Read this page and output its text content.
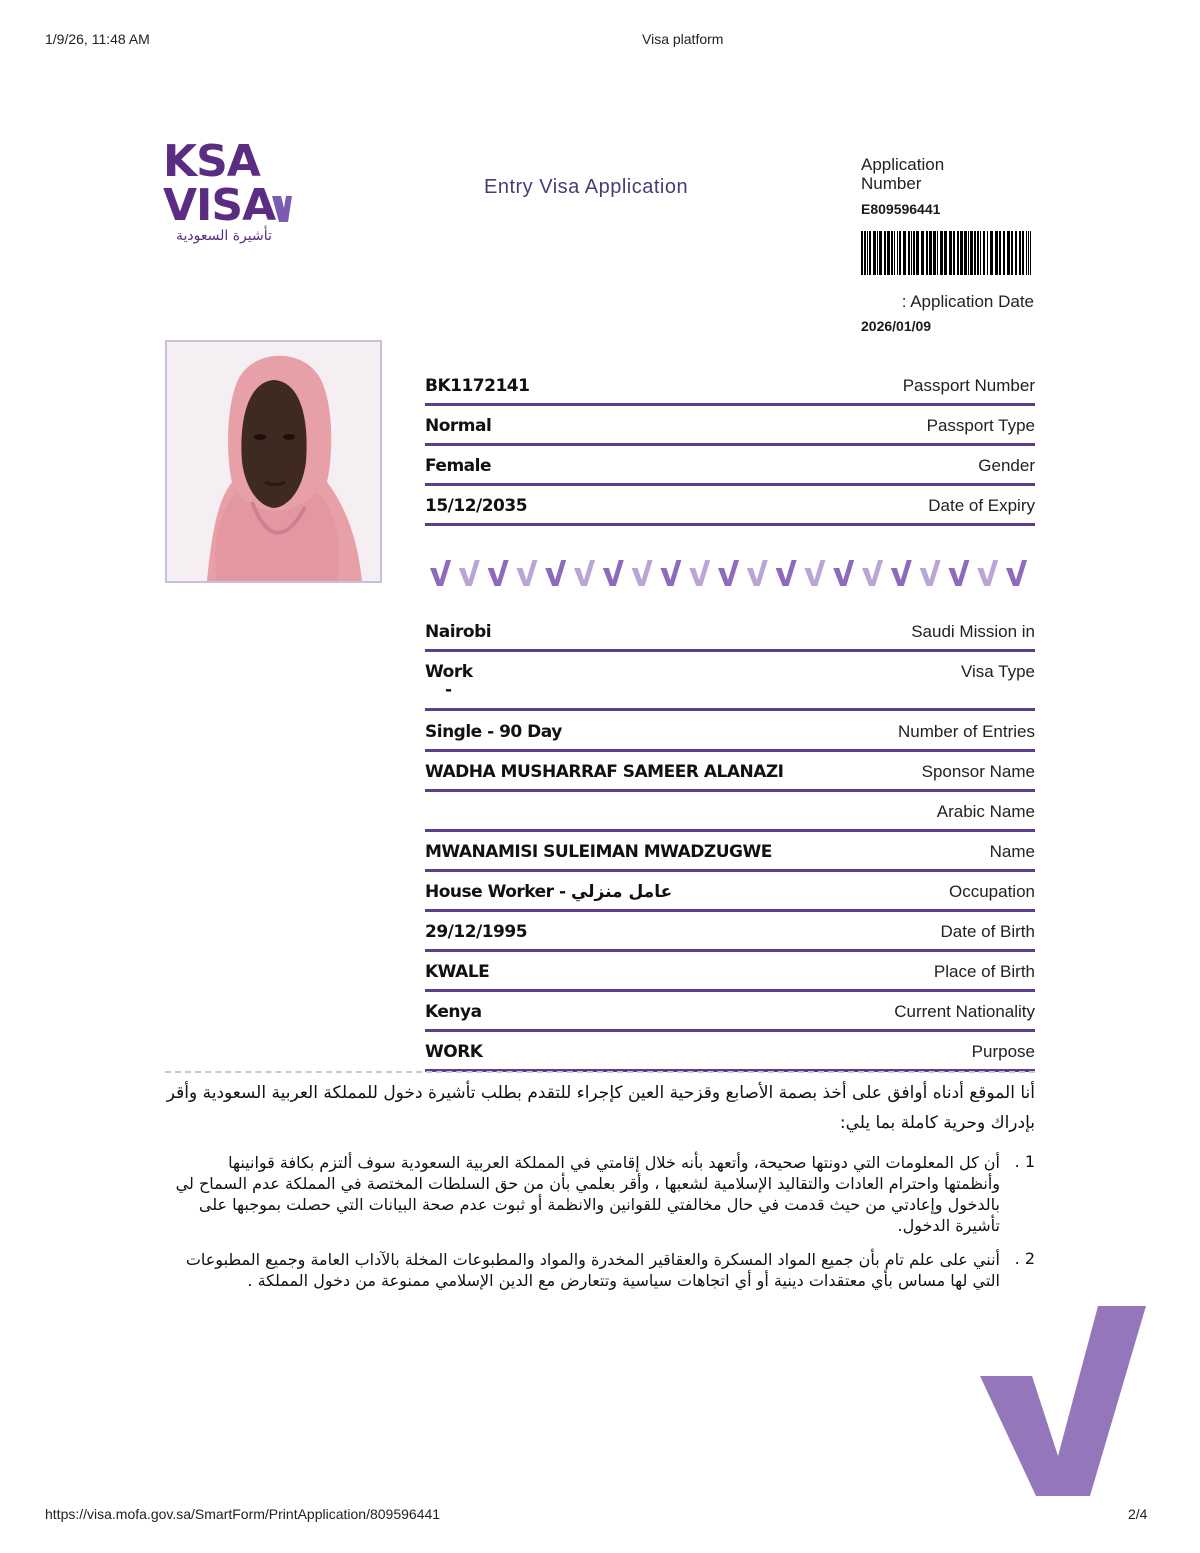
1/9/26, 11:48 AM	Visa platform
KSA
VISA
تأشيرة السعودية
Entry Visa Application
Application Number
E809596441
: Application Date
2026/01/09
BK1172141	Passport Number
Normal	Passport Type
Female	Gender
15/12/2035	Date of Expiry
Nairobi	Saudi Mission in
Work	Visa Type
-
Single - 90 Day	Number of Entries
WADHA MUSHARRAF SAMEER ALANAZI	Sponsor Name
Arabic Name
MWANAMISI SULEIMAN MWADZUGWE	Name
House Worker - عامل منزلي	Occupation
29/12/1995	Date of Birth
KWALE	Place of Birth
Kenya	Current Nationality
WORK	Purpose
أنا الموقع أدناه أوافق على أخذ بصمة الأصابع وقزحية العين كإجراء للتقدم بطلب تأشيرة دخول للمملكة العربية السعودية وأقر بإدراك وحرية كاملة بما يلي:
1 .
أن كل المعلومات التي دونتها صحيحة، وأتعهد بأنه خلال إقامتي في المملكة العربية السعودية سوف ألتزم بكافة قوانينها وأنظمتها واحترام العادات والتقاليد الإسلامية لشعبها ، وأقر بعلمي بأن من حق السلطات المختصة في المملكة عدم السماح لي بالدخول وإعادتي من حيث قدمت في حال مخالفتي للقوانين والانظمة أو ثبوت عدم صحة البيانات التي حصلت بموجبها على تأشيرة الدخول.
2 .
أنني على علم تام بأن جميع المواد المسكرة والعقاقير المخدرة والمواد والمطبوعات المخلة بالآداب العامة وجميع المطبوعات التي لها مساس بأي معتقدات دينية أو أي اتجاهات سياسية وتتعارض مع الدين الإسلامي ممنوعة من دخول المملكة .
https://visa.mofa.gov.sa/SmartForm/PrintApplication/809596441	2/4
